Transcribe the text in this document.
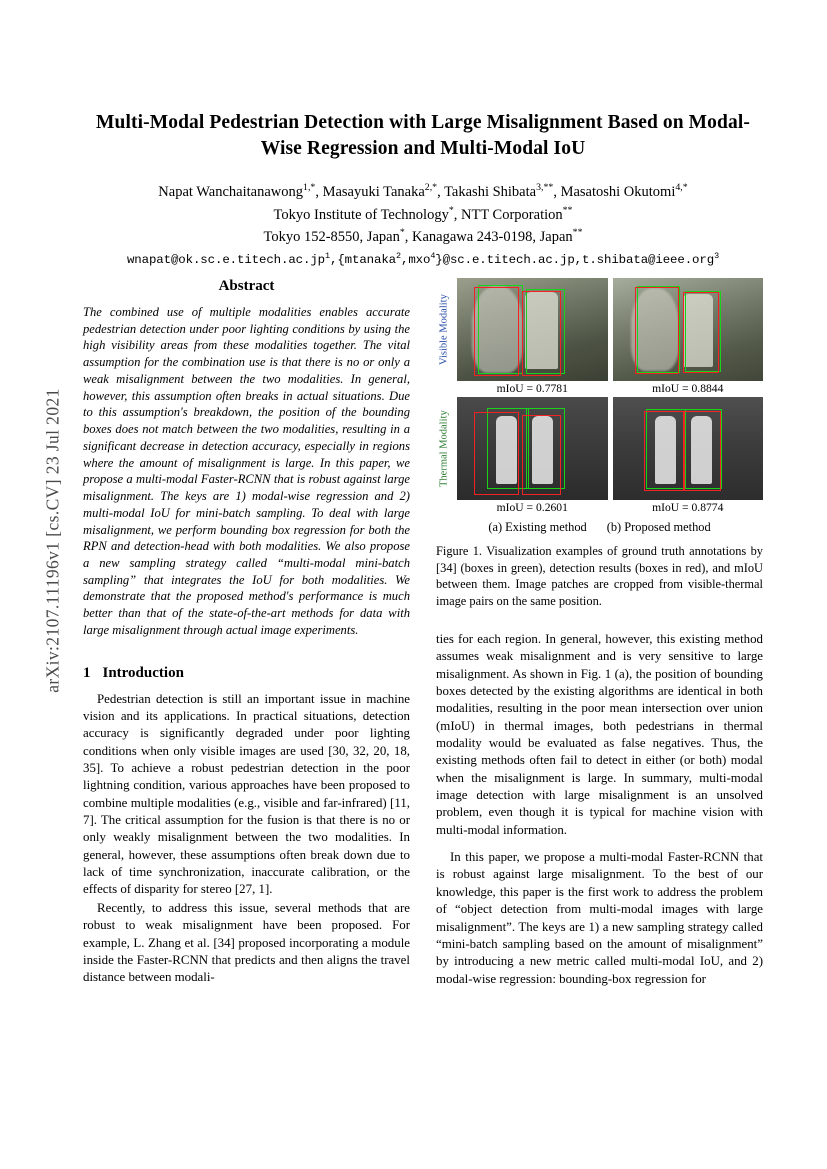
arXiv:2107.11196v1 [cs.CV] 23 Jul 2021
Multi-Modal Pedestrian Detection with Large Misalignment Based on Modal-Wise Regression and Multi-Modal IoU
Napat Wanchaitanawong$^{1,*}$, Masayuki Tanaka$^{2,*}$, Takashi Shibata$^{3,**}$, Masatoshi Okutomi$^{4,*}$
Tokyo Institute of Technology*, NTT Corporation**
Tokyo 152-8550, Japan*, Kanagawa 243-0198, Japan**
$wnapat@ok.sc.e.titech.ac.jp^1,\{mtanaka^2,mxo^4\}@sc.e.titech.ac.jp,t.shibata@ieee.org^3$
Abstract
The combined use of multiple modalities enables accurate pedestrian detection under poor lighting conditions by using the high visibility areas from these modalities together. The vital assumption for the combination use is that there is no or only a weak misalignment between the two modalities. In general, however, this assumption often breaks in actual situations. Due to this assumption's breakdown, the position of the bounding boxes does not match between the two modalities, resulting in a significant decrease in detection accuracy, especially in regions where the amount of misalignment is large. In this paper, we propose a multi-modal Faster-RCNN that is robust against large misalignment. The keys are 1) modal-wise regression and 2) multi-modal IoU for mini-batch sampling. To deal with large misalignment, we perform bounding box regression for both the RPN and detection-head with both modalities. We also propose a new sampling strategy called “multi-modal mini-batch sampling” that integrates the IoU for both modalities. We demonstrate that the proposed method's performance is much better than that of the state-of-the-art methods for data with large misalignment through actual image experiments.
1 Introduction

Pedestrian detection is still an important issue in machine vision and its applications. In practical situations, detection accuracy is significantly degraded under poor lighting conditions when only visible images are used [30, 32, 20, 18, 35]. To achieve a robust pedestrian detection in the poor lightning condition, various approaches have been proposed to combine multiple modalities (e.g., visible and far-infrared) [11, 7]. The critical assumption for the fusion is that there is no or only weakly misalignment between the two modalities. In general, however, these assumptions often break down due to lack of time synchronization, inaccurate calibration, or the effects of disparity for stereo [27, 1].

Recently, to address this issue, several methods that are robust to weak misalignment have been proposed. For example, L. Zhang et al. [34] proposed incorporating a module inside the Faster-RCNN that predicts and then aligns the travel distance between modali-

Visible Modality
mIoU = 0.7781	mIoU = 0.8844
Thermal Modality
mIoU = 0.2601	mIoU = 0.8774
(a) Existing method (b) Proposed method
Figure 1. Visualization examples of ground truth annotations by [34] (boxes in green), detection results (boxes in red), and mIoU between them. Image patches are cropped from visible-thermal image pairs on the same position.

ties for each region. In general, however, this existing method assumes weak misalignment and is very sensitive to large misalignment. As shown in Fig. 1 (a), the position of bounding boxes detected by the existing algorithms are identical in both modalities, resulting in the poor mean intersection over union (mIoU) in thermal images, both pedestrians in thermal modality would be evaluated as false negatives. Thus, the existing methods often fail to detect in either (or both) modal when the misalignment is large. In summary, multi-modal image detection with large misalignment is an unsolved problem, even though it is typical for machine vision with multi-modal information.

In this paper, we propose a multi-modal Faster-RCNN that is robust against large misalignment. To the best of our knowledge, this paper is the first work to address the problem of “object detection from multi-modal images with large misalignment”. The keys are 1) a new sampling strategy called “mini-batch sampling based on the amount of misalignment” by introducing a new metric called multi-modal IoU, and 2) modal-wise regression: bounding-box regression for
